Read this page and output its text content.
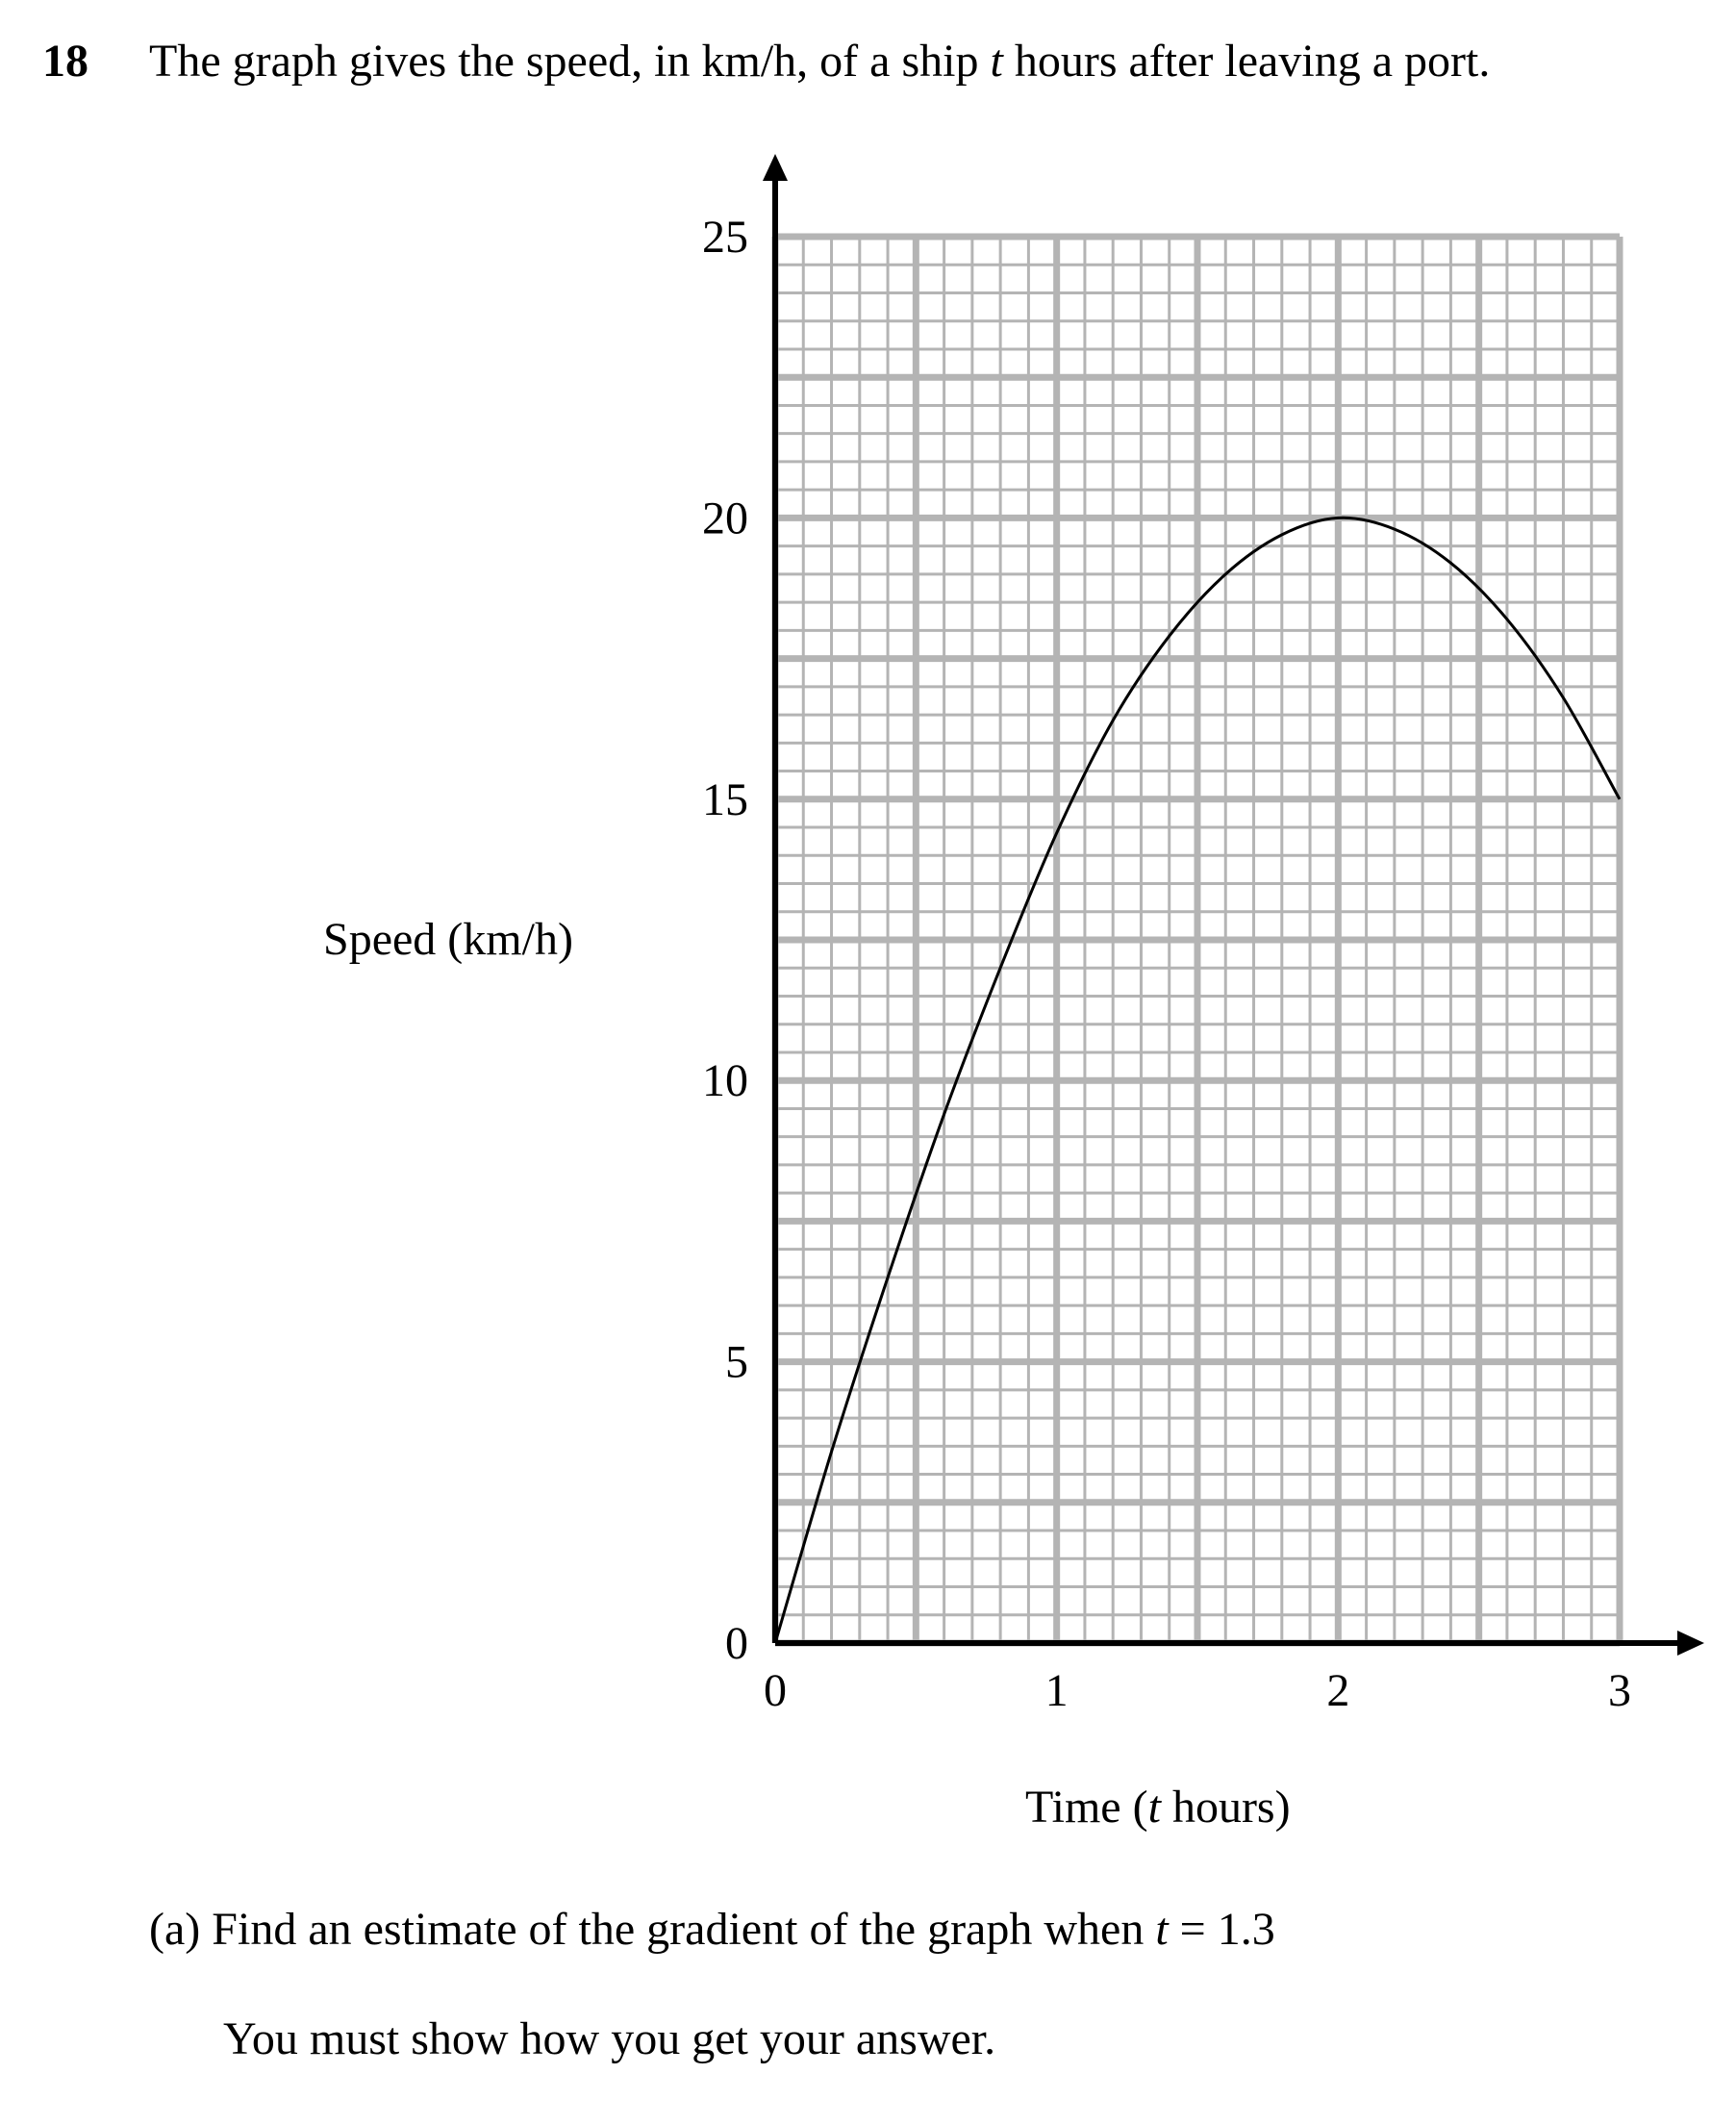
18 The graph gives the speed, in km/h, of a ship t hours after leaving a port.
0
5
10
15
20
25
0	1	2	3
Speed (km/h)
Time (t hours)
(a) Find an estimate of the gradient of the graph when t = 1.3
You must show how you get your answer.
